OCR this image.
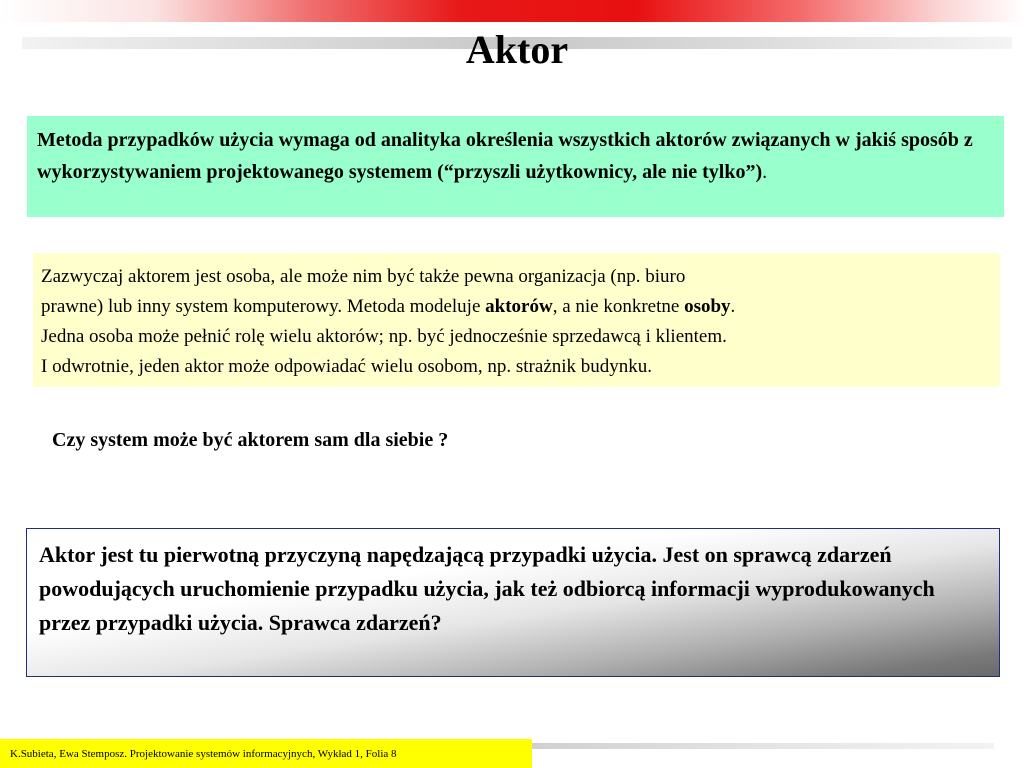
Aktor
Metoda przypadków użycia wymaga od analityka określenia wszystkich aktorów związanych w jakiś sposób z wykorzystywaniem projektowanego systemem (“przyszli użytkownicy, ale nie tylko”).
Zazwyczaj aktorem jest osoba, ale może nim być także pewna organizacja (np. biuro
prawne) lub inny system komputerowy. Metoda modeluje aktorów, a nie konkretne osoby.
Jedna osoba może pełnić rolę wielu aktorów; np. być jednocześnie sprzedawcą i klientem.
I odwrotnie, jeden aktor może odpowiadać wielu osobom, np. strażnik budynku.

Czy system może być aktorem sam dla siebie ?

Aktor jest tu pierwotną przyczyną napędzającą przypadki użycia. Jest on sprawcą zdarzeń powodujących uruchomienie przypadku użycia, jak też odbiorcą informacji wyprodukowanych przez przypadki użycia. Sprawca zdarzeń?
K.Subieta, Ewa Stemposz. Projektowanie systemów informacyjnych, Wykład 1, Folia 8
